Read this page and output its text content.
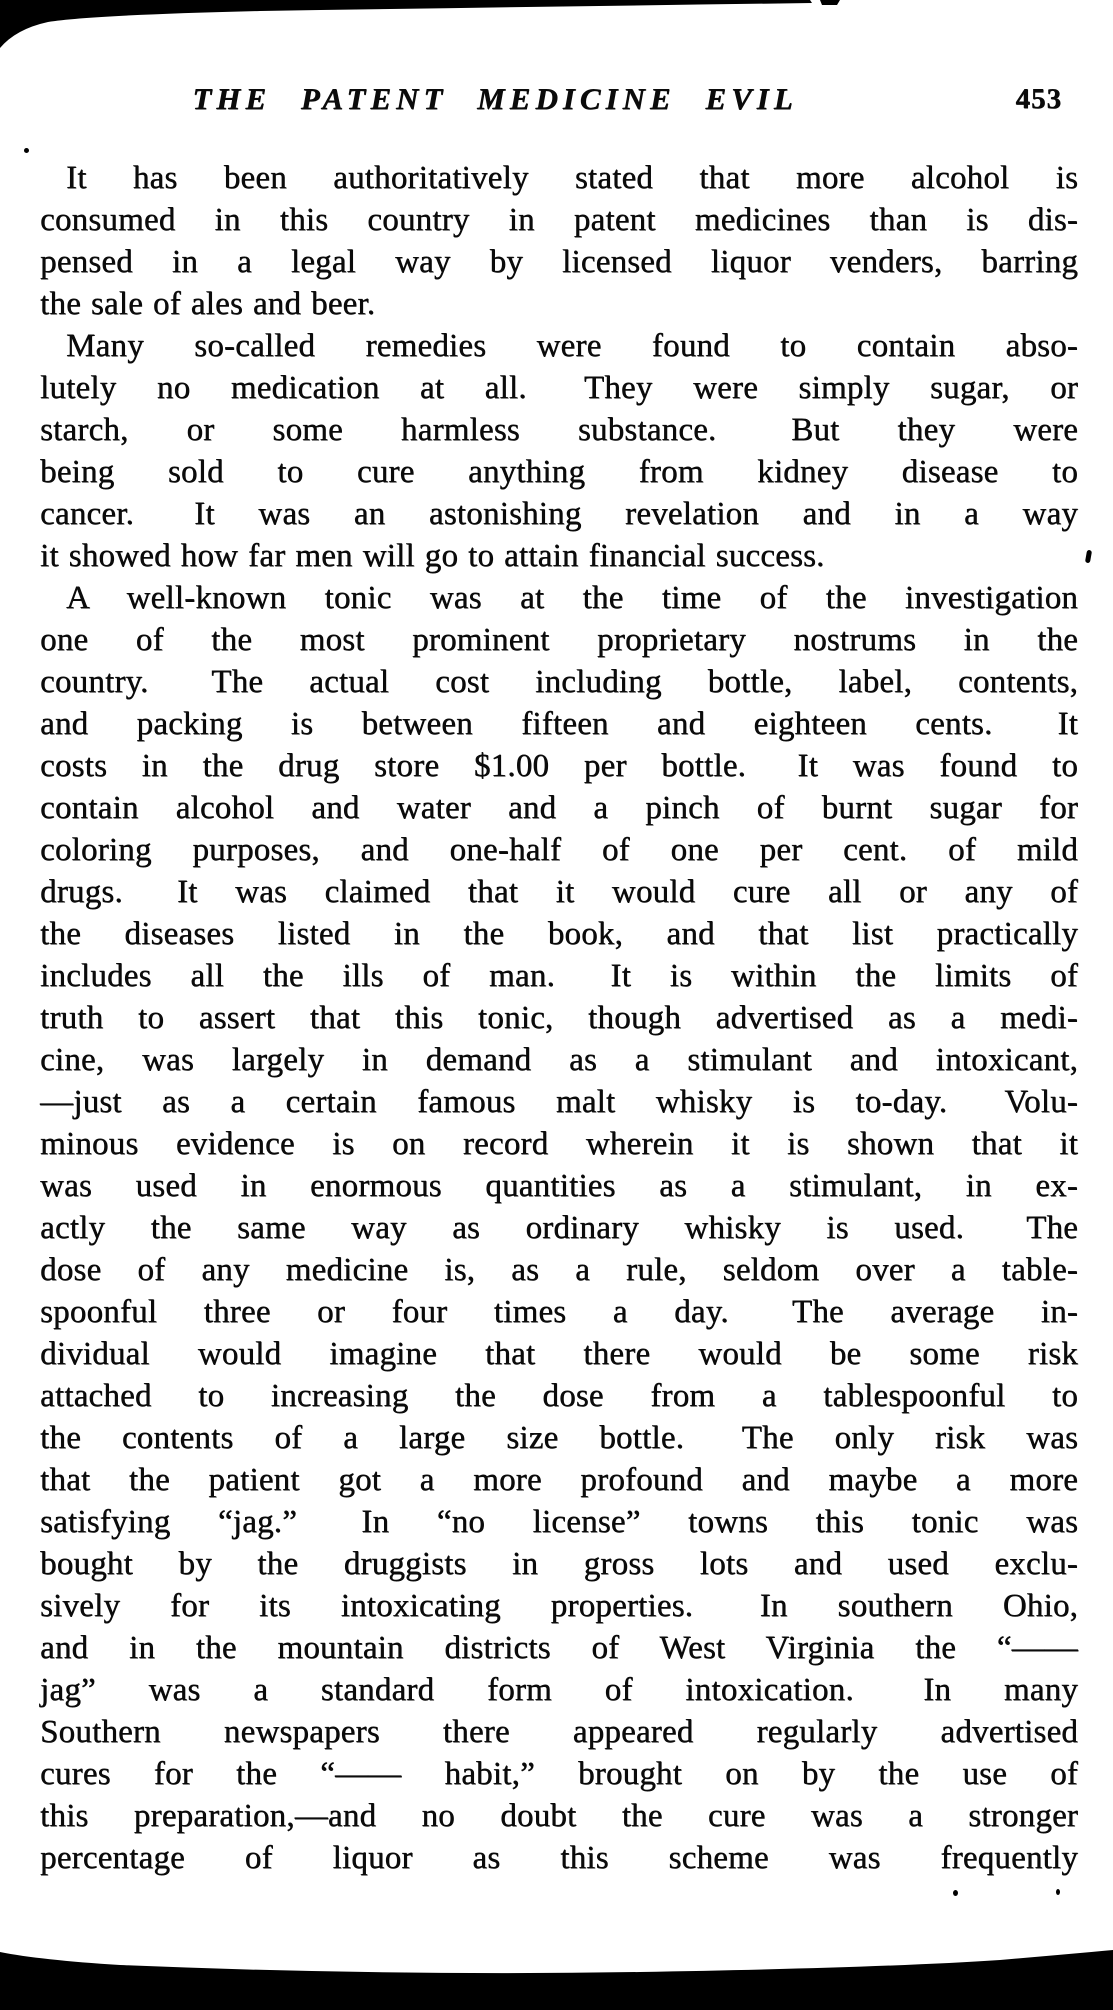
THE PATENT MEDICINE EVIL	453
It has been authoritatively stated that more alcohol is
consumed in this country in patent medicines than is dis-
pensed in a legal way by licensed liquor venders, barring
the sale of ales and beer.
Many so-called remedies were found to contain abso-
lutely no medication at all.  They were simply sugar, or
starch, or some harmless substance.  But they were
being sold to cure anything from kidney disease to
cancer.  It was an astonishing revelation and in a way
it showed how far men will go to attain financial success.
A well-known tonic was at the time of the investigation
one of the most prominent proprietary nostrums in the
country.  The actual cost including bottle, label, contents,
and packing is between fifteen and eighteen cents.  It
costs in the drug store $1.00 per bottle.  It was found to
contain alcohol and water and a pinch of burnt sugar for
coloring purposes, and one-half of one per cent. of mild
drugs.  It was claimed that it would cure all or any of
the diseases listed in the book, and that list practically
includes all the ills of man.  It is within the limits of
truth to assert that this tonic, though advertised as a medi-
cine, was largely in demand as a stimulant and intoxicant,
—just as a certain famous malt whisky is to-day.  Volu-
minous evidence is on record wherein it is shown that it
was used in enormous quantities as a stimulant, in ex-
actly the same way as ordinary whisky is used.  The
dose of any medicine is, as a rule, seldom over a table-
spoonful three or four times a day.  The average in-
dividual would imagine that there would be some risk
attached to increasing the dose from a tablespoonful to
the contents of a large size bottle.  The only risk was
that the patient got a more profound and maybe a more
satisfying “jag.”  In “no license” towns this tonic was
bought by the druggists in gross lots and used exclu-
sively for its intoxicating properties.  In southern Ohio,
and in the mountain districts of West Virginia the “——
jag” was a standard form of intoxication.  In many
Southern newspapers there appeared regularly advertised
cures for the “—— habit,” brought on by the use of
this preparation,—and no doubt the cure was a stronger
percentage of liquor as this scheme was frequently
